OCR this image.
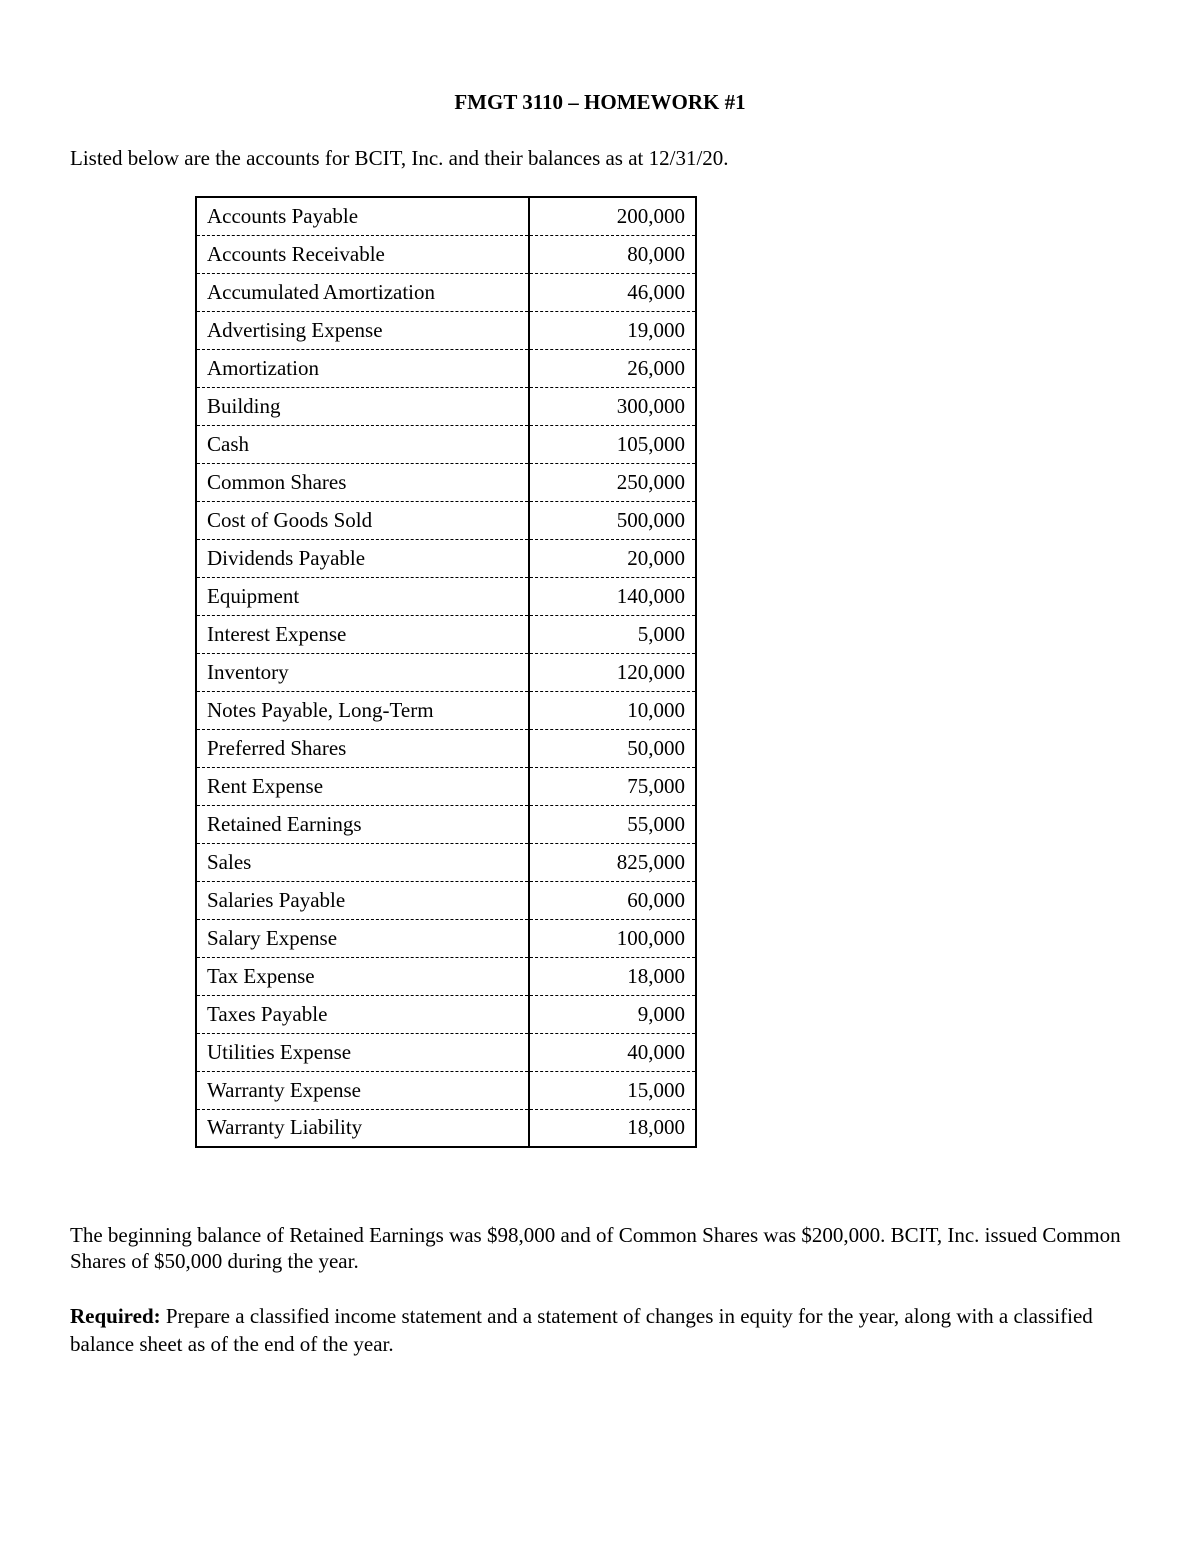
FMGT 3110 – HOMEWORK #1
Listed below are the accounts for BCIT, Inc. and their balances as at 12/31/20.
Accounts Payable	200,000
Accounts Receivable	80,000
Accumulated Amortization	46,000
Advertising Expense	19,000
Amortization	26,000
Building	300,000
Cash	105,000
Common Shares	250,000
Cost of Goods Sold	500,000
Dividends Payable	20,000
Equipment	140,000
Interest Expense	5,000
Inventory	120,000
Notes Payable, Long-Term	10,000
Preferred Shares	50,000
Rent Expense	75,000
Retained Earnings	55,000
Sales	825,000
Salaries Payable	60,000
Salary Expense	100,000
Tax Expense	18,000
Taxes Payable	9,000
Utilities Expense	40,000
Warranty Expense	15,000
Warranty Liability	18,000
The beginning balance of Retained Earnings was $98,000 and of Common Shares was $200,000. BCIT, Inc. issued Common Shares of $50,000 during the year.
Required: Prepare a classified income statement and a statement of changes in equity for the year, along with a classified balance sheet as of the end of the year.
